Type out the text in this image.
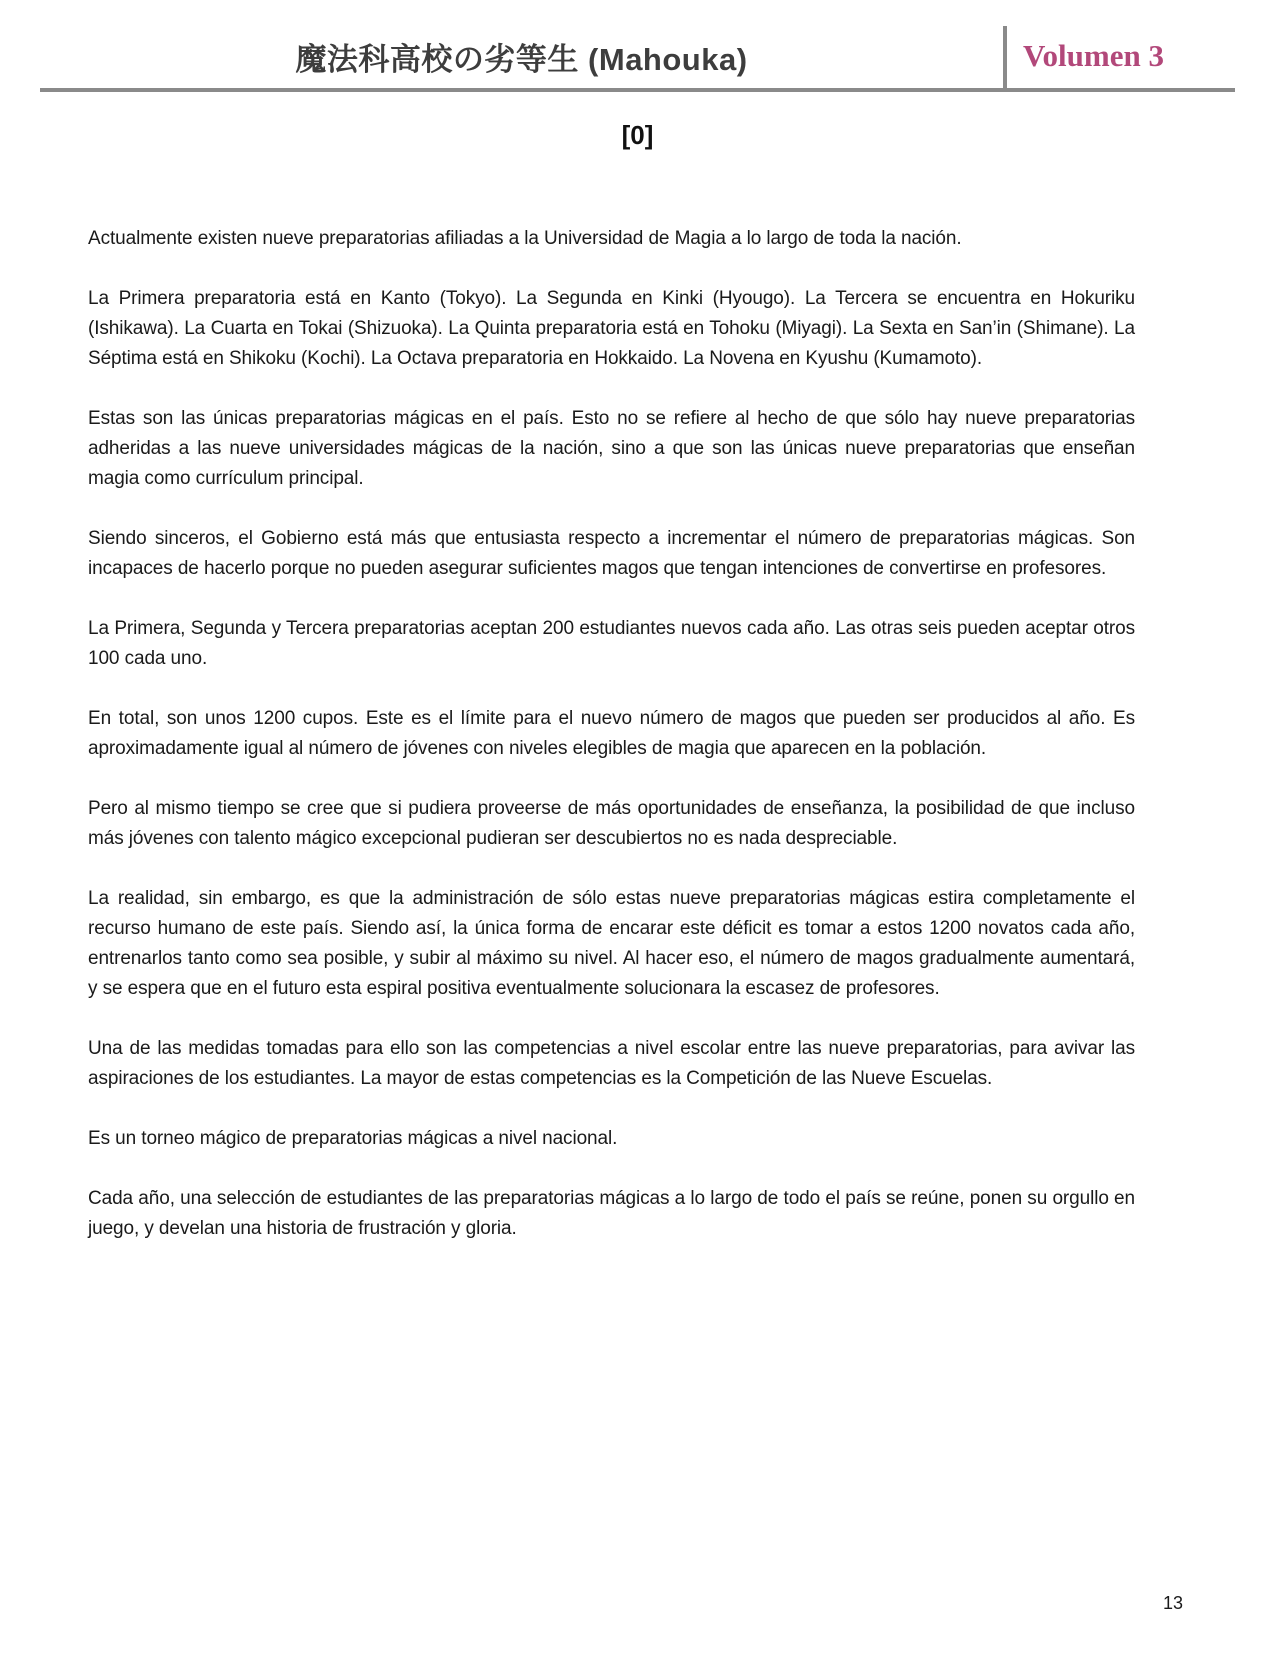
魔法科高校の劣等生 (Mahouka)	Volumen 3
[0]

Actualmente existen nueve preparatorias afiliadas a la Universidad de Magia a lo largo de toda la nación.

La Primera preparatoria está en Kanto (Tokyo). La Segunda en Kinki (Hyougo). La Tercera se encuentra en Hokuriku (Ishikawa). La Cuarta en Tokai (Shizuoka). La Quinta preparatoria está en Tohoku (Miyagi). La Sexta en San’in (Shimane). La Séptima está en Shikoku (Kochi). La Octava preparatoria en Hokkaido. La Novena en Kyushu (Kumamoto).

Estas son las únicas preparatorias mágicas en el país. Esto no se refiere al hecho de que sólo hay nueve preparatorias adheridas a las nueve universidades mágicas de la nación, sino a que son las únicas nueve preparatorias que enseñan magia como currículum principal.

Siendo sinceros, el Gobierno está más que entusiasta respecto a incrementar el número de preparatorias mágicas. Son incapaces de hacerlo porque no pueden asegurar suficientes magos que tengan intenciones de convertirse en profesores.

La Primera, Segunda y Tercera preparatorias aceptan 200 estudiantes nuevos cada año. Las otras seis pueden aceptar otros 100 cada uno.

En total, son unos 1200 cupos. Este es el límite para el nuevo número de magos que pueden ser producidos al año. Es aproximadamente igual al número de jóvenes con niveles elegibles de magia que aparecen en la población.

Pero al mismo tiempo se cree que si pudiera proveerse de más oportunidades de enseñanza, la posibilidad de que incluso más jóvenes con talento mágico excepcional pudieran ser descubiertos no es nada despreciable.

La realidad, sin embargo, es que la administración de sólo estas nueve preparatorias mágicas estira completamente el recurso humano de este país. Siendo así, la única forma de encarar este déficit es tomar a estos 1200 novatos cada año, entrenarlos tanto como sea posible, y subir al máximo su nivel. Al hacer eso, el número de magos gradualmente aumentará, y se espera que en el futuro esta espiral positiva eventualmente solucionara la escasez de profesores.

Una de las medidas tomadas para ello son las competencias a nivel escolar entre las nueve preparatorias, para avivar las aspiraciones de los estudiantes. La mayor de estas competencias es la Competición de las Nueve Escuelas.

Es un torneo mágico de preparatorias mágicas a nivel nacional.

Cada año, una selección de estudiantes de las preparatorias mágicas a lo largo de todo el país se reúne, ponen su orgullo en juego, y develan una historia de frustración y gloria.

13
